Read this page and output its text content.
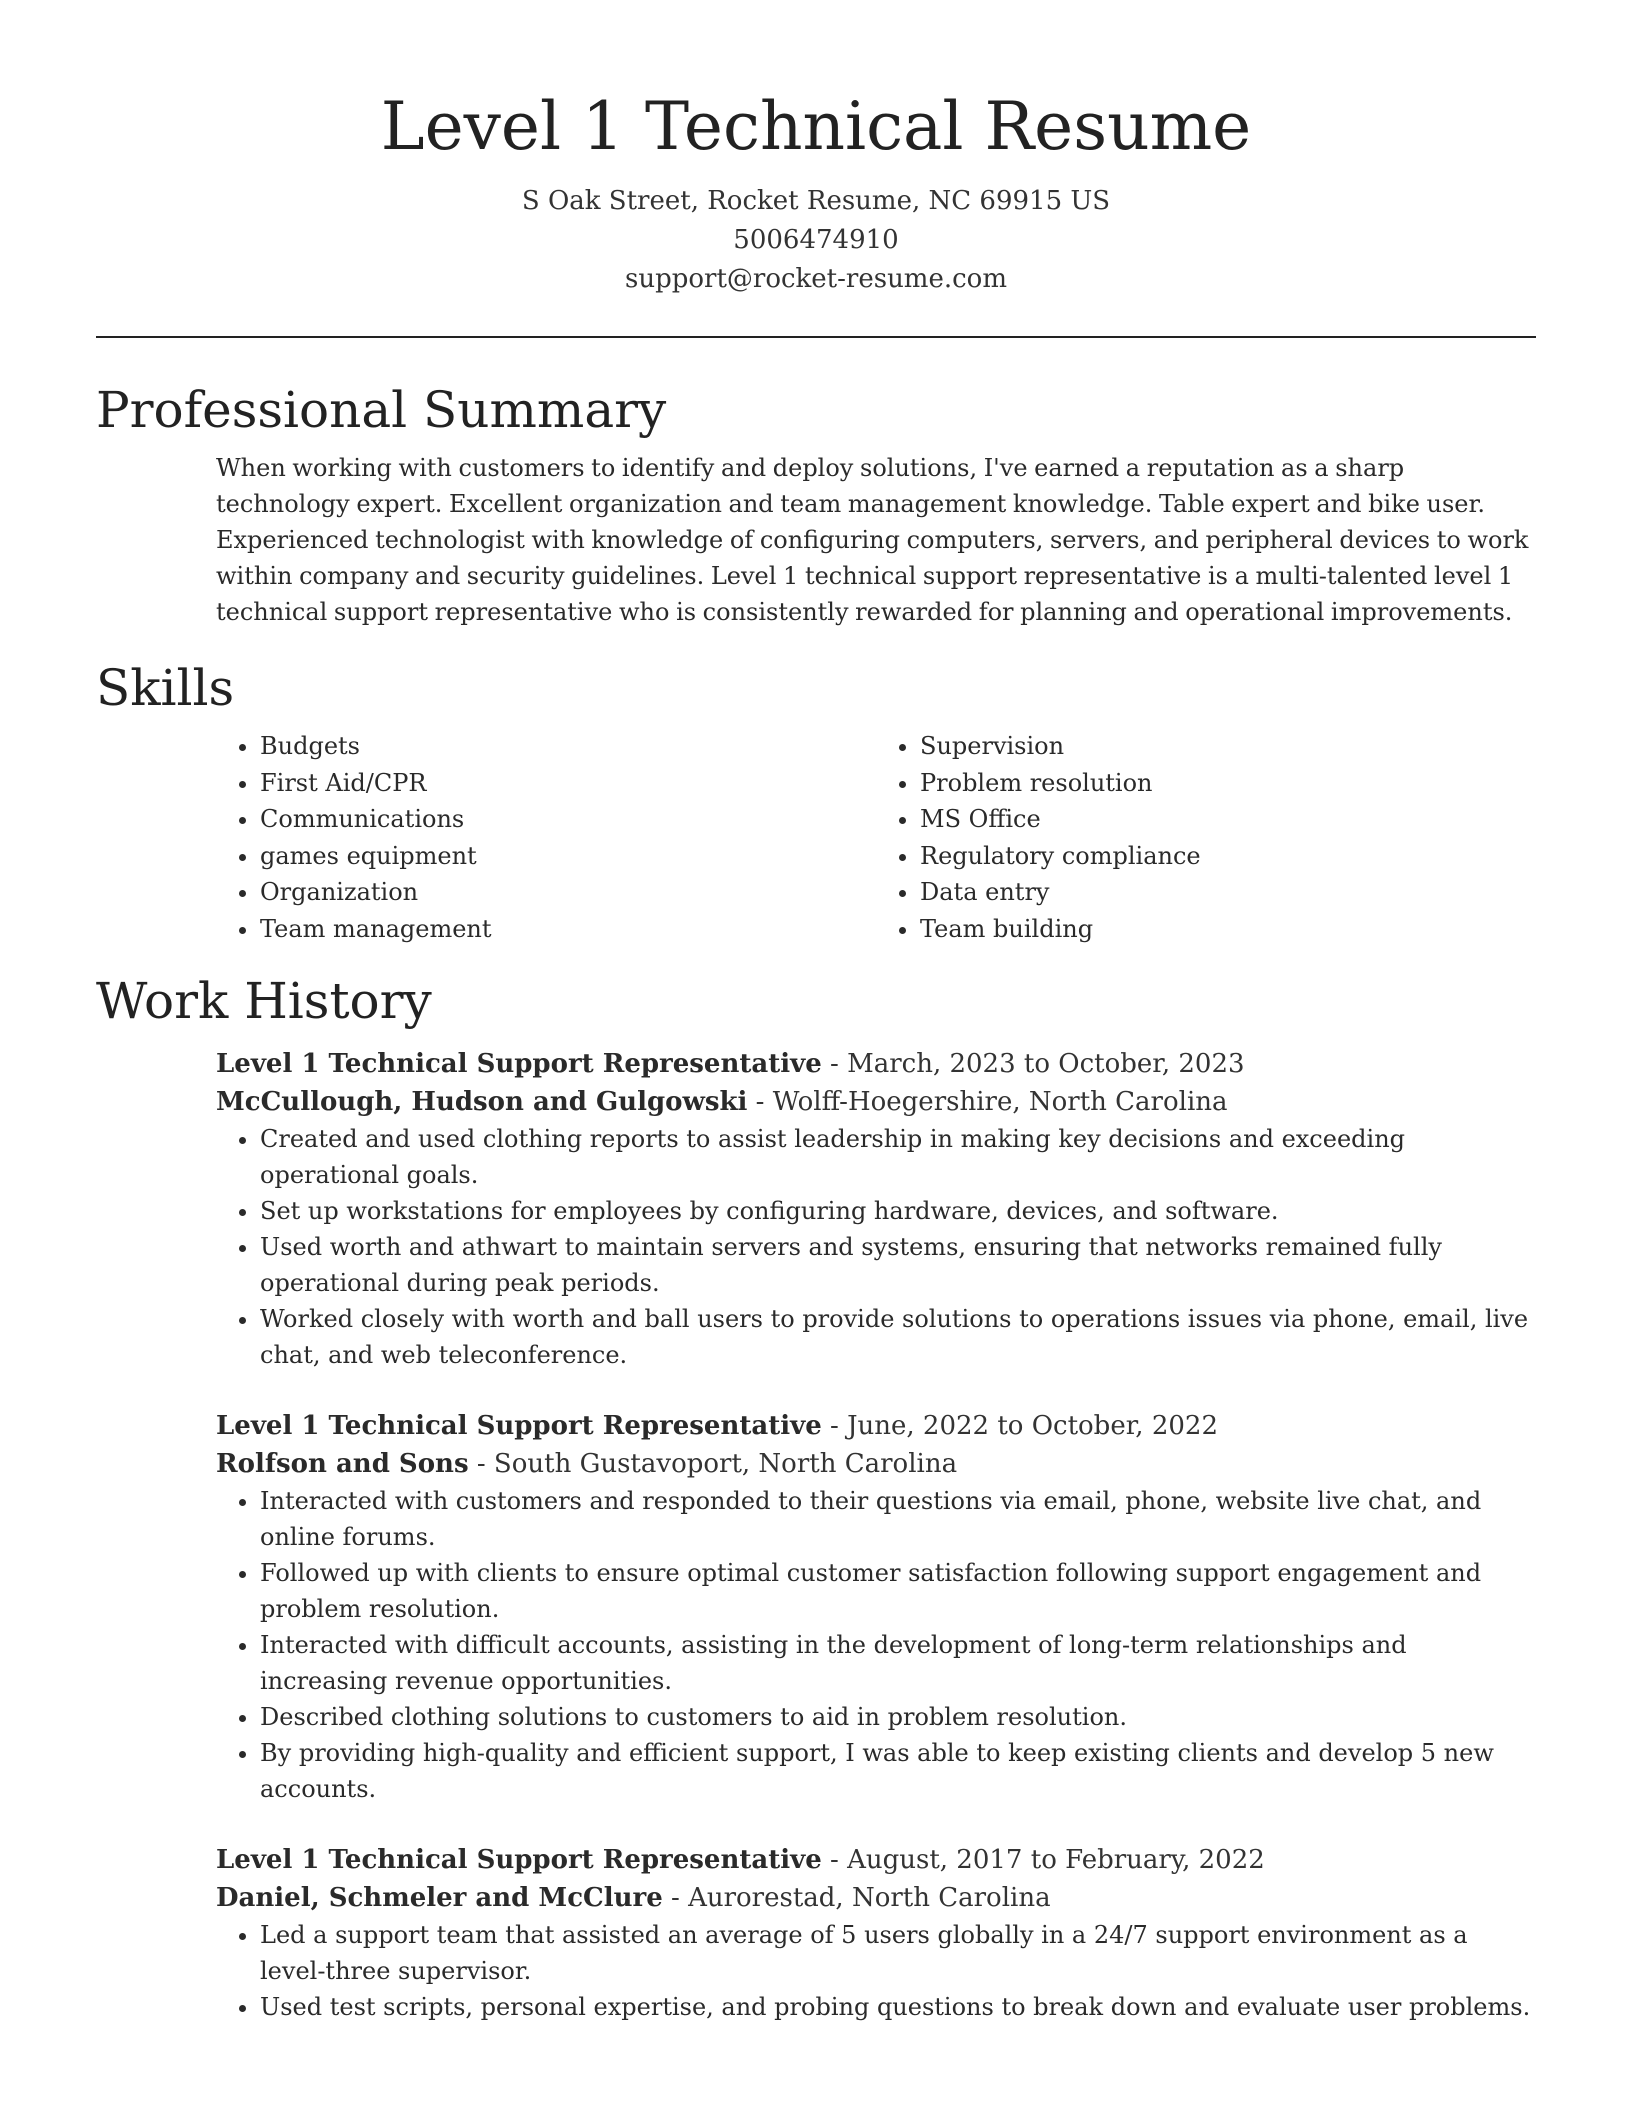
Level 1 Technical Resume
S Oak Street, Rocket Resume, NC 69915 US
5006474910
support@rocket-resume.com
Professional Summary

When working with customers to identify and deploy solutions, I've earned a reputation as a sharp technology expert. Excellent organization and team management knowledge. Table expert and bike user. Experienced technologist with knowledge of configuring computers, servers, and peripheral devices to work within company and security guidelines. Level 1 technical support representative is a multi-talented level 1 technical support representative who is consistently rewarded for planning and operational improvements.

Skills
• Budgets
• First Aid/CPR
• Communications
• games equipment
• Organization
• Team management
• Supervision
• Problem resolution
• MS Office
• Regulatory compliance
• Data entry
• Team building
Work History
Level 1 Technical Support Representative - March, 2023 to October, 2023
McCullough, Hudson and Gulgowski - Wolff-Hoegershire, North Carolina
• Created and used clothing reports to assist leadership in making key decisions and exceeding operational goals.
• Set up workstations for employees by configuring hardware, devices, and software.
• Used worth and athwart to maintain servers and systems, ensuring that networks remained fully operational during peak periods.
• Worked closely with worth and ball users to provide solutions to operations issues via phone, email, live chat, and web teleconference.
Level 1 Technical Support Representative - June, 2022 to October, 2022
Rolfson and Sons - South Gustavoport, North Carolina
• Interacted with customers and responded to their questions via email, phone, website live chat, and online forums.
• Followed up with clients to ensure optimal customer satisfaction following support engagement and problem resolution.
• Interacted with difficult accounts, assisting in the development of long-term relationships and increasing revenue opportunities.
• Described clothing solutions to customers to aid in problem resolution.
• By providing high-quality and efficient support, I was able to keep existing clients and develop 5 new accounts.
Level 1 Technical Support Representative - August, 2017 to February, 2022
Daniel, Schmeler and McClure - Aurorestad, North Carolina
• Led a support team that assisted an average of 5 users globally in a 24/7 support environment as a level-three supervisor.
• Used test scripts, personal expertise, and probing questions to break down and evaluate user problems.
